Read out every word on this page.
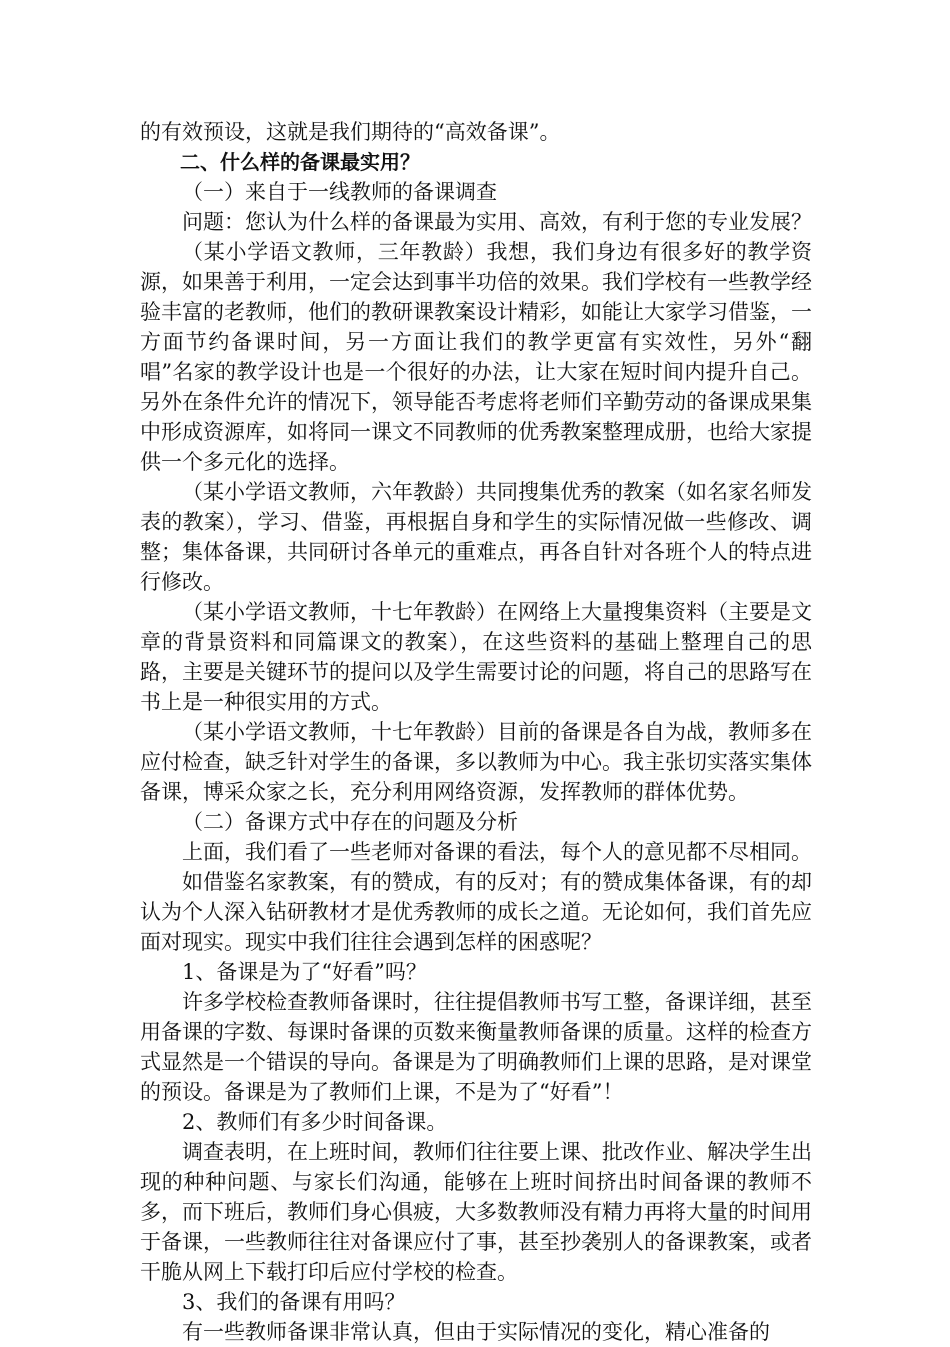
的有效预设，这就是我们期待的“高效备课”。

二、什么样的备课最实用？

（一）来自于一线教师的备课调查

问题：您认为什么样的备课最为实用、高效，有利于您的专业发展？

（某小学语文教师，三年教龄）我想，我们身边有很多好的教学资源，如果善于利用，一定会达到事半功倍的效果。我们学校有一些教学经验丰富的老教师，他们的教研课教案设计精彩，如能让大家学习借鉴，一方面节约备课时间，另一方面让我们的教学更富有实效性，另外“翻唱”名家的教学设计也是一个很好的办法，让大家在短时间内提升自己。另外在条件允许的情况下，领导能否考虑将老师们辛勤劳动的备课成果集中形成资源库，如将同一课文不同教师的优秀教案整理成册，也给大家提供一个多元化的选择。

（某小学语文教师，六年教龄）共同搜集优秀的教案（如名家名师发表的教案），学习、借鉴，再根据自身和学生的实际情况做一些修改、调整；集体备课，共同研讨各单元的重难点，再各自针对各班个人的特点进行修改。

（某小学语文教师，十七年教龄）在网络上大量搜集资料（主要是文章的背景资料和同篇课文的教案），在这些资料的基础上整理自己的思路，主要是关键环节的提问以及学生需要讨论的问题，将自己的思路写在书上是一种很实用的方式。

（某小学语文教师，十七年教龄）目前的备课是各自为战，教师多在应付检查，缺乏针对学生的备课，多以教师为中心。我主张切实落实集体备课，博采众家之长，充分利用网络资源，发挥教师的群体优势。

（二）备课方式中存在的问题及分析

上面，我们看了一些老师对备课的看法，每个人的意见都不尽相同。

如借鉴名家教案，有的赞成，有的反对；有的赞成集体备课，有的却认为个人深入钻研教材才是优秀教师的成长之道。无论如何，我们首先应面对现实。现实中我们往往会遇到怎样的困惑呢？

1、备课是为了“好看”吗？

许多学校检查教师备课时，往往提倡教师书写工整，备课详细，甚至用备课的字数、每课时备课的页数来衡量教师备课的质量。这样的检查方式显然是一个错误的导向。备课是为了明确教师们上课的思路，是对课堂的预设。备课是为了教师们上课，不是为了“好看”！

2、教师们有多少时间备课。

调查表明，在上班时间，教师们往往要上课、批改作业、解决学生出现的种种问题、与家长们沟通，能够在上班时间挤出时间备课的教师不多，而下班后，教师们身心俱疲，大多数教师没有精力再将大量的时间用于备课，一些教师往往对备课应付了事，甚至抄袭别人的备课教案，或者干脆从网上下载打印后应付学校的检查。

3、我们的备课有用吗？

有一些教师备课非常认真，但由于实际情况的变化，精心准备的
